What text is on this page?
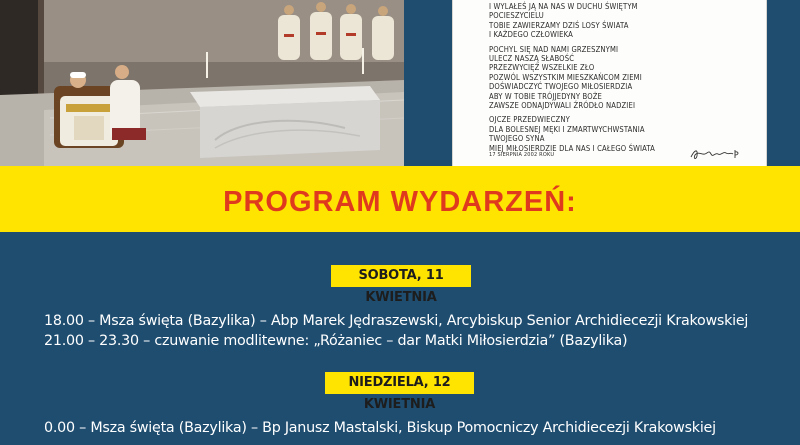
I WYLAŁEŚ JĄ NA NAS W DUCHU ŚWIĘTYM
POCIESZYCIELU
TOBIE ZAWIERZAMY DZIŚ LOSY ŚWIATA
I KAŻDEGO CZŁOWIEKA
POCHYL SIĘ NAD NAMI GRZESZNYMI
ULECZ NASZĄ SŁABOŚĆ
PRZEZWYCIĘŻ WSZELKIE ZŁO
POZWÓL WSZYSTKIM MIESZKAŃCOM ZIEMI
DOŚWIADCZYĆ TWOJEGO MIŁOSIERDZIA
ABY W TOBIE TRÓJJEDYNY BOŻE
ZAWSZE ODNAJDYWALI ŹRÓDŁO NADZIEI
OJCZE PRZEDWIECZNY
DLA BOLESNEJ MĘKI I ZMARTWYCHWSTANIA
TWOJEGO SYNA
MIEJ MIŁOSIERDZIE DLA NAS I CAŁEGO ŚWIATA
17 SIERPNIA 2002 ROKU
PROGRAM WYDARZEŃ:
SOBOTA, 11 KWIETNIA
18.00 – Msza święta (Bazylika) – Abp Marek Jędraszewski, Arcybiskup Senior Archidiecezji Krakowskiej
21.00 – 23.30 – czuwanie modlitewne: „Różaniec – dar Matki Miłosierdzia” (Bazylika)
NIEDZIELA, 12 KWIETNIA
0.00 – Msza święta (Bazylika) – Bp Janusz Mastalski, Biskup Pomocniczy Archidiecezji Krakowskiej
